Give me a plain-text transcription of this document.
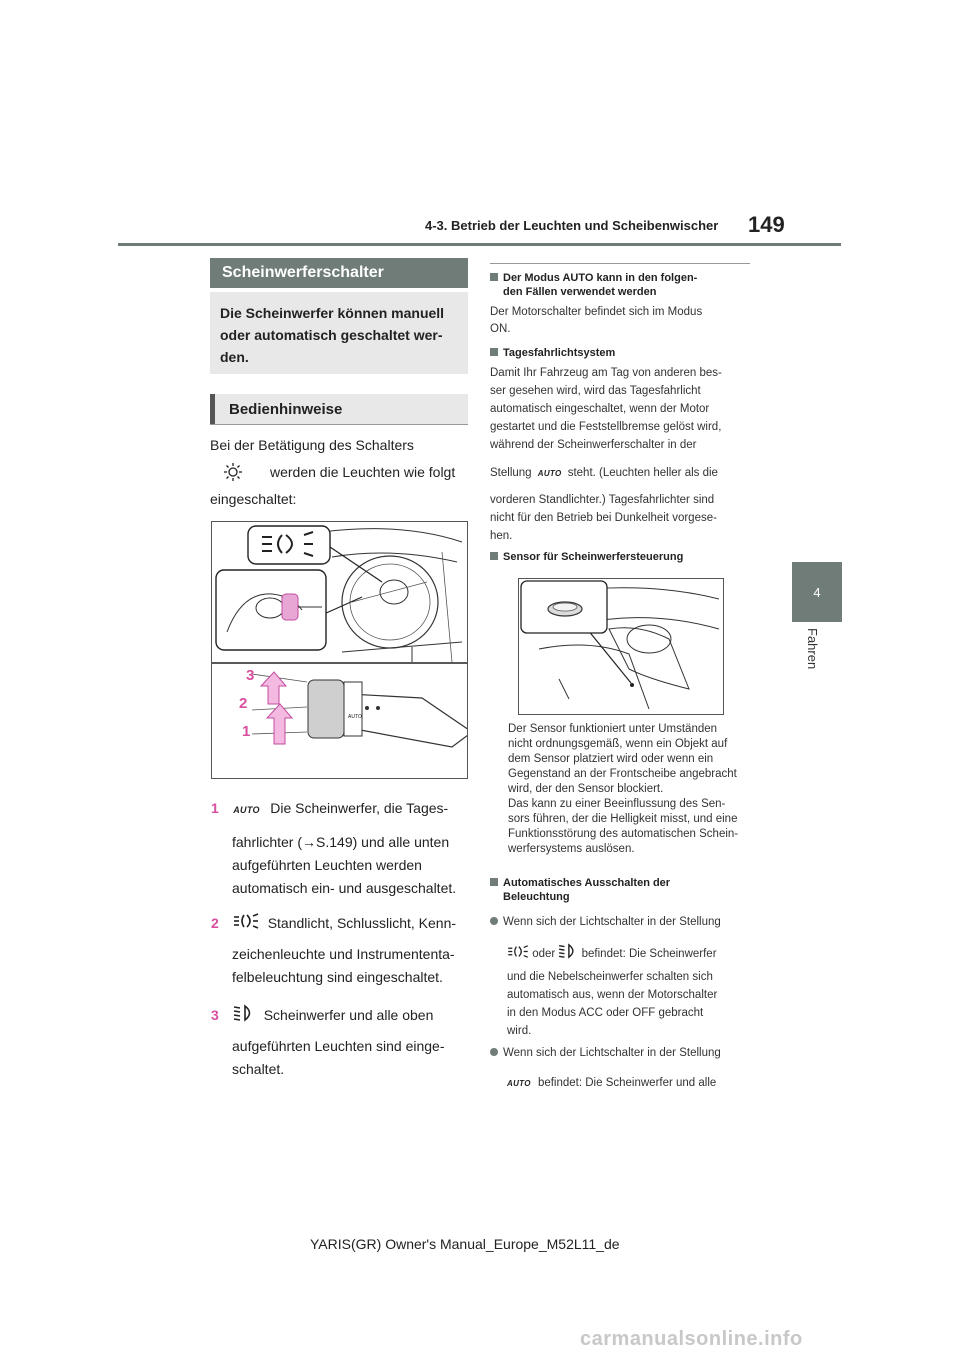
4-3. Betrieb der Leuchten und Scheibenwischer 149
4
Fahren
Scheinwerferschalter
Die Scheinwerfer können manuell
oder automatisch geschaltet wer-
den.
Bedienhinweise
Bei der Betätigung des Schalters
werden die Leuchten wie folgt
eingeschaltet:
AUTO
3
2
1
1 AUTO Die Scheinwerfer, die Tages-
fahrlichter (→S.149) und alle unten
aufgeführten Leuchten werden
automatisch ein- und ausgeschaltet.
2	Standlicht, Schlusslicht, Kenn-
zeichenleuchte und Instrumententa-
felbeleuchtung sind eingeschaltet.
3	Scheinwerfer und alle oben
aufgeführten Leuchten sind einge-
schaltet.
Der Modus AUTO kann in den folgen-
den Fällen verwendet werden
Der Motorschalter befindet sich im Modus
ON.
Tagesfahrlichtsystem
Damit Ihr Fahrzeug am Tag von anderen bes-
ser gesehen wird, wird das Tagesfahrlicht
automatisch eingeschaltet, wenn der Motor
gestartet und die Feststellbremse gelöst wird,
während der Scheinwerferschalter in der
Stellung AUTO steht. (Leuchten heller als die
vorderen Standlichter.) Tagesfahrlichter sind
nicht für den Betrieb bei Dunkelheit vorgese-
hen.
Sensor für Scheinwerfersteuerung
Der Sensor funktioniert unter Umständen
nicht ordnungsgemäß, wenn ein Objekt auf
dem Sensor platziert wird oder wenn ein
Gegenstand an der Frontscheibe angebracht
wird, der den Sensor blockiert.
Das kann zu einer Beeinflussung des Sen-
sors führen, der die Helligkeit misst, und eine
Funktionsstörung des automatischen Schein-
werfersystems auslösen.
Automatisches Ausschalten der
Beleuchtung
Wenn sich der Lichtschalter in der Stellung
oder befindet: Die Scheinwerfer
und die Nebelscheinwerfer schalten sich
automatisch aus, wenn der Motorschalter
in den Modus ACC oder OFF gebracht
wird.
Wenn sich der Lichtschalter in der Stellung
AUTO befindet: Die Scheinwerfer und alle
YARIS(GR) Owner's Manual_Europe_M52L11_de
carmanualsonline.info
